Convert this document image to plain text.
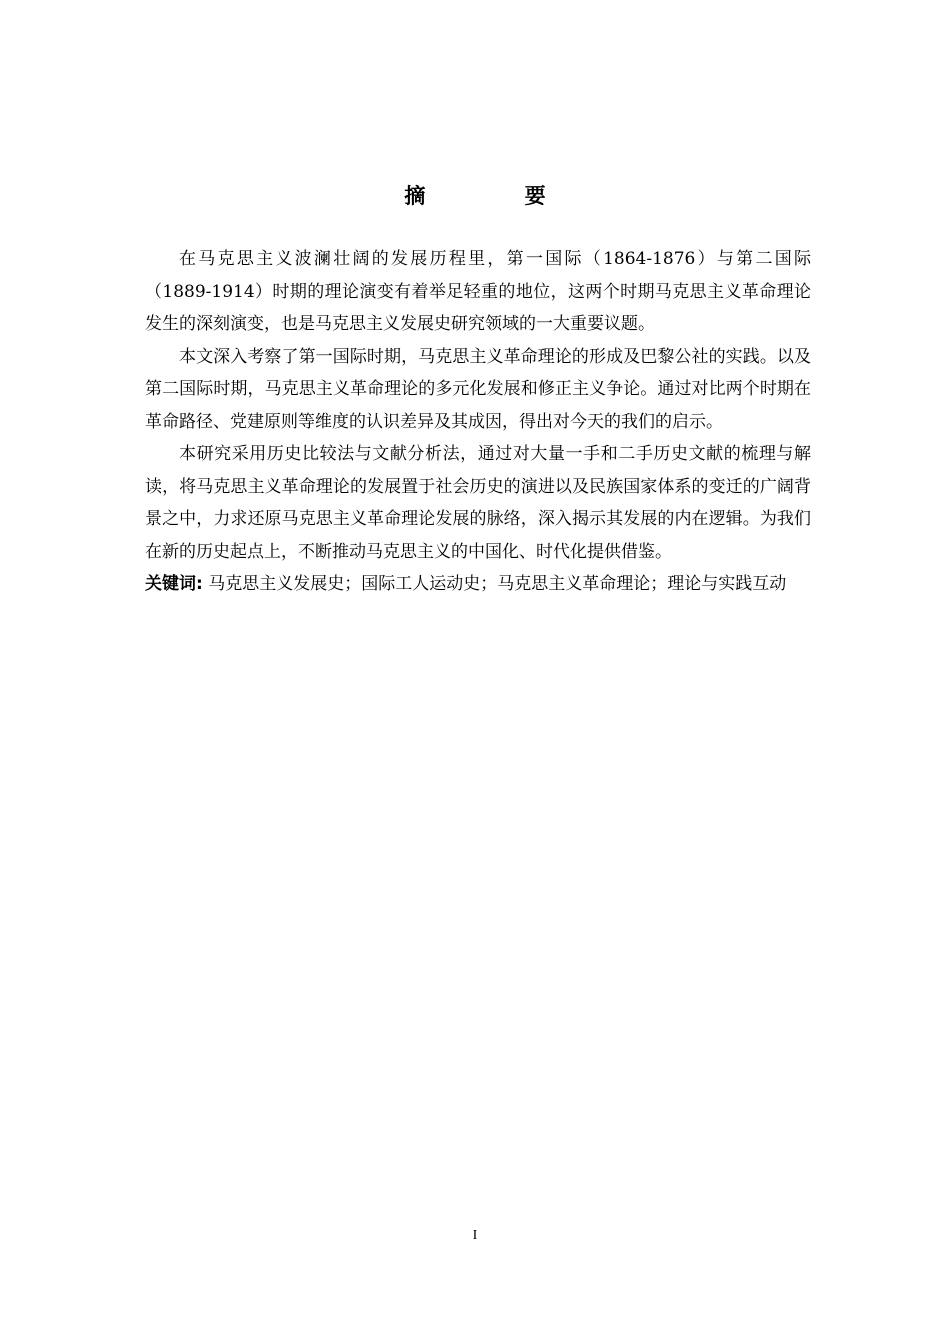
摘 要

在马克思主义波澜壮阔的发展历程里，第一国际（1864-1876）与第二国际（1889-1914）时期的理论演变有着举足轻重的地位，这两个时期马克思主义革命理论发生的深刻演变，也是马克思主义发展史研究领域的一大重要议题。

本文深入考察了第一国际时期，马克思主义革命理论的形成及巴黎公社的实践。以及第二国际时期，马克思主义革命理论的多元化发展和修正主义争论。通过对比两个时期在革命路径、党建原则等维度的认识差异及其成因，得出对今天的我们的启示。

本研究采用历史比较法与文献分析法，通过对大量一手和二手历史文献的梳理与解读，将马克思主义革命理论的发展置于社会历史的演进以及民族国家体系的变迁的广阔背景之中，力求还原马克思主义革命理论发展的脉络，深入揭示其发展的内在逻辑。为我们在新的历史起点上，不断推动马克思主义的中国化、时代化提供借鉴。

关键词: 马克思主义发展史；国际工人运动史；马克思主义革命理论；理论与实践互动

I
